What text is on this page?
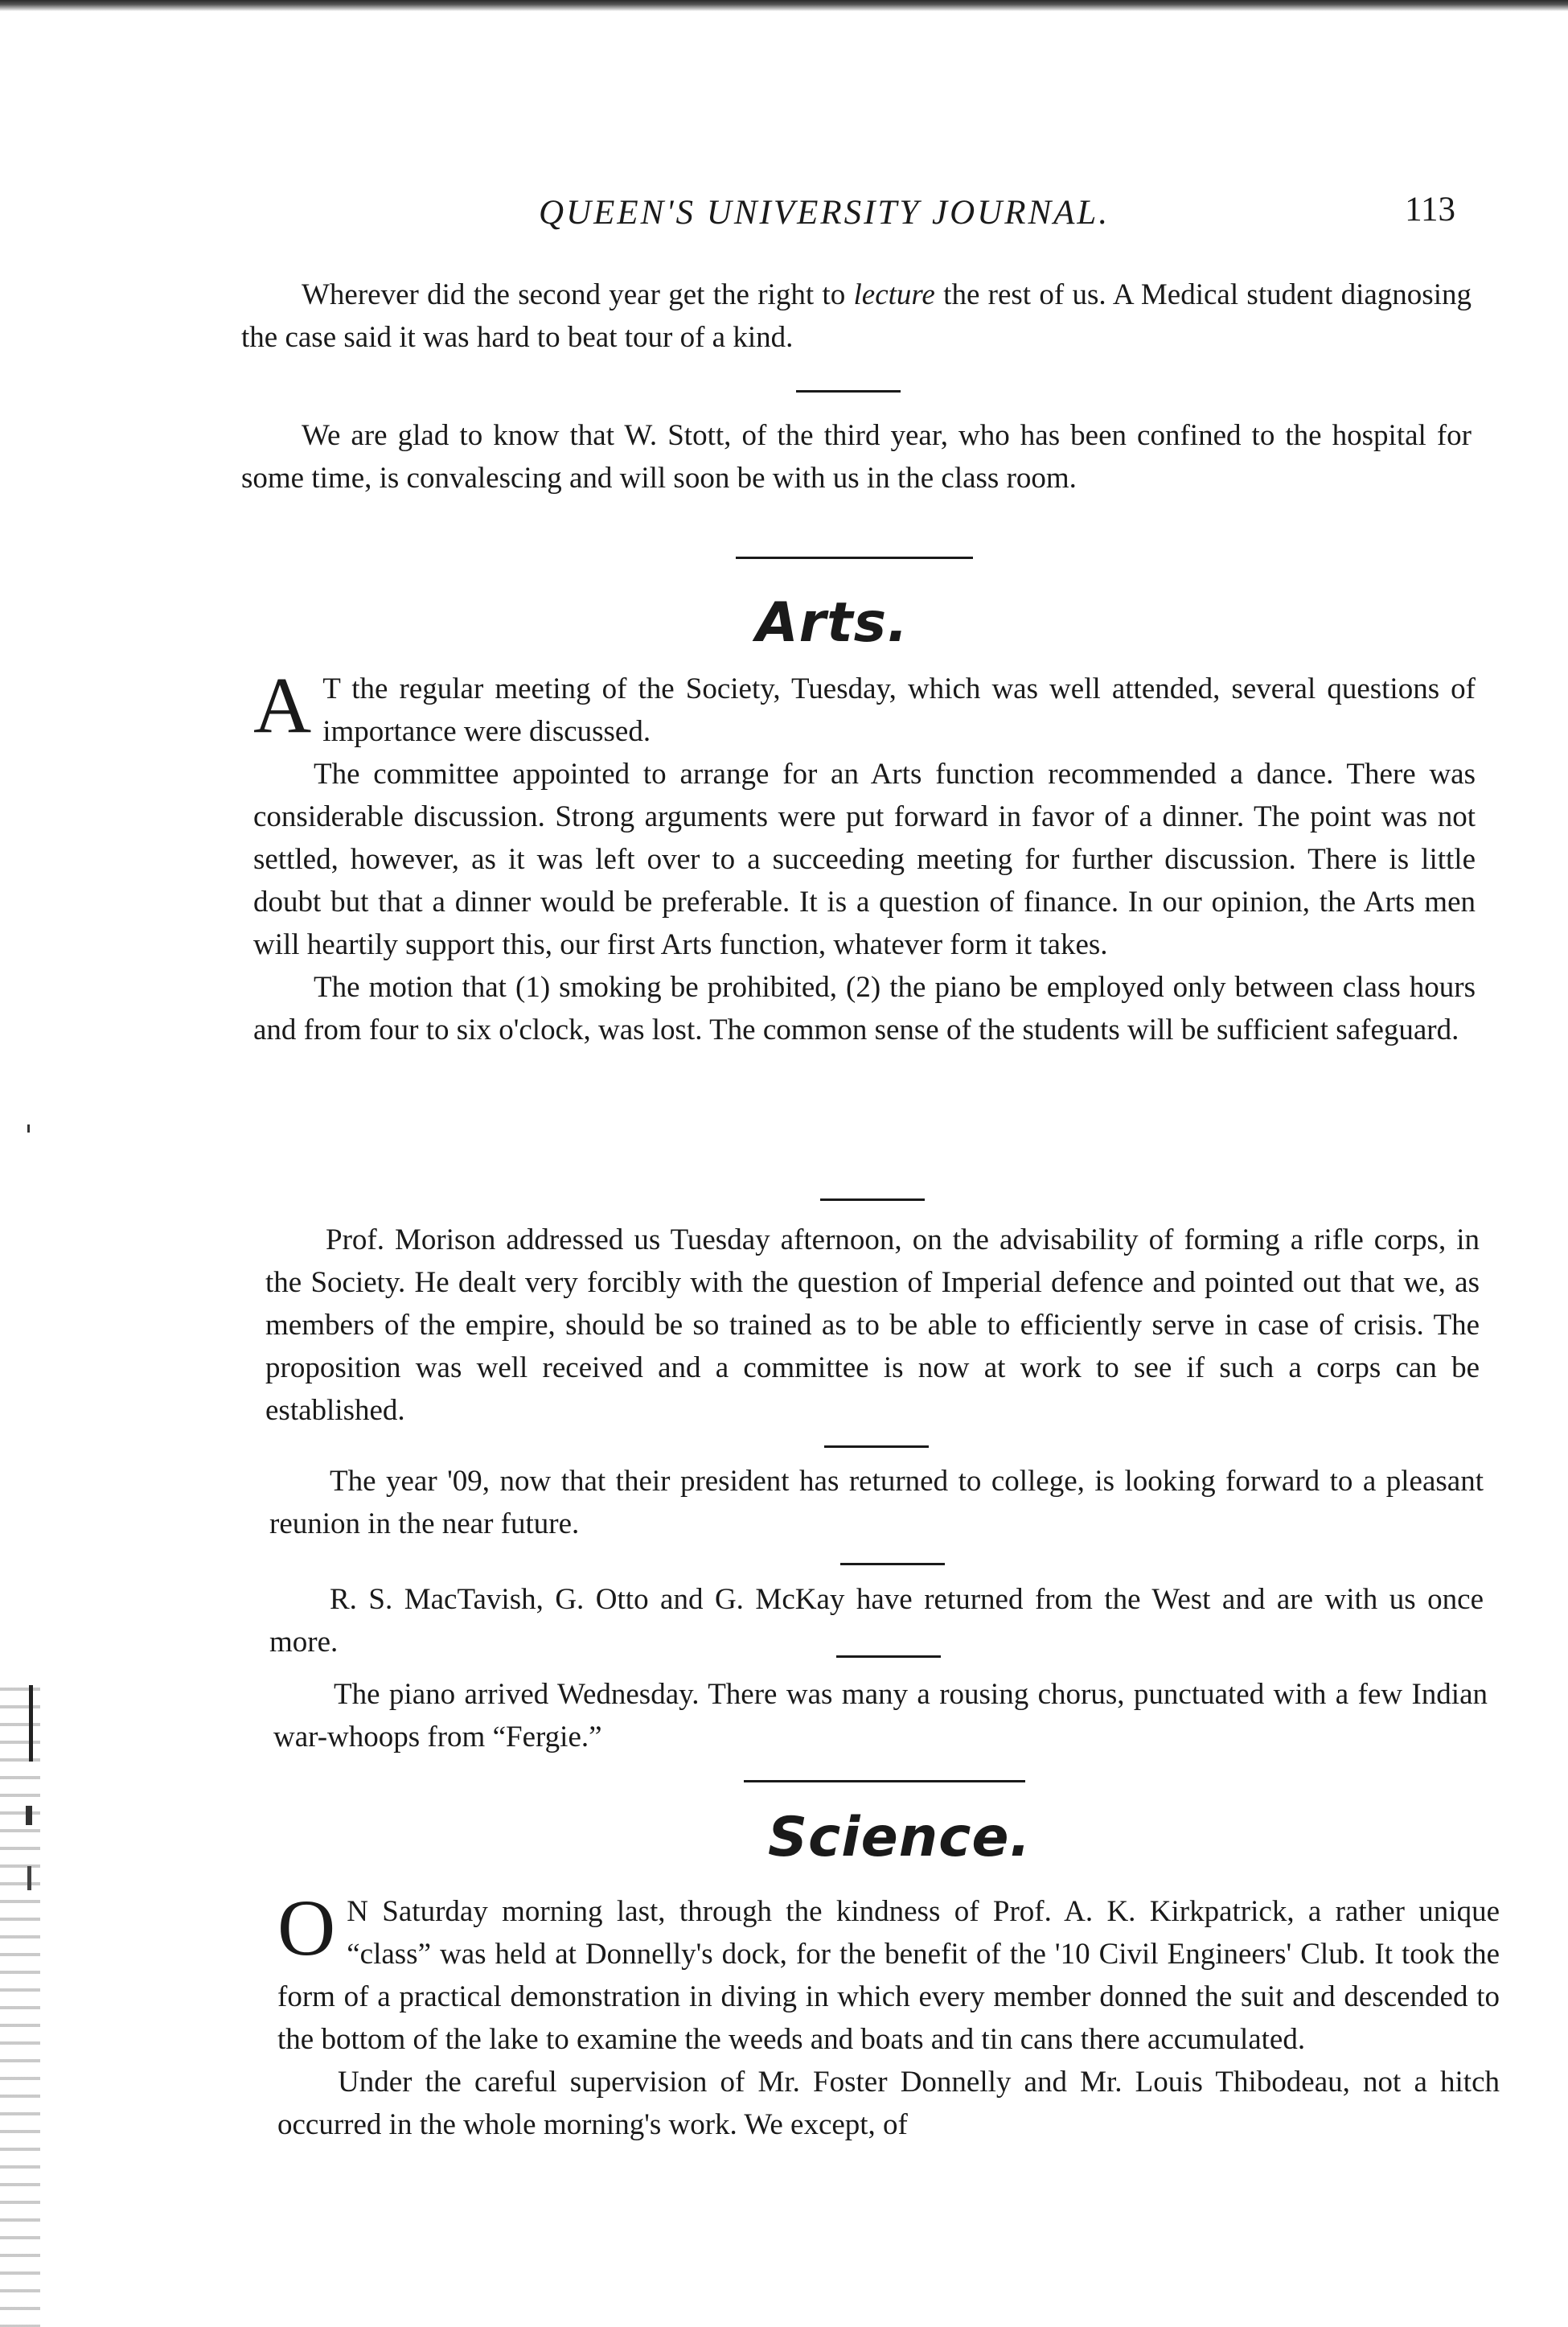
QUEEN'S UNIVERSITY JOURNAL.	113

Wherever did the second year get the right to lecture the rest of us. A Medical student diagnosing the case said it was hard to beat tour of a kind.

We are glad to know that W. Stott, of the third year, who has been confined to the hospital for some time, is convalescing and will soon be with us in the class room.

Arts.

A T the regular meeting of the Society, Tuesday, which was well attended, several questions of importance were discussed.

The committee appointed to arrange for an Arts function recommended a dance. There was considerable discussion. Strong arguments were put forward in favor of a dinner. The point was not settled, however, as it was left over to a succeeding meeting for further discussion. There is little doubt but that a dinner would be preferable. It is a question of finance. In our opinion, the Arts men will heartily support this, our first Arts function, whatever form it takes.

The motion that (1) smoking be prohibited, (2) the piano be employed only between class hours and from four to six o'clock, was lost. The common sense of the students will be sufficient safeguard.

Prof. Morison addressed us Tuesday afternoon, on the advisability of forming a rifle corps, in the Society. He dealt very forcibly with the question of Imperial defence and pointed out that we, as members of the empire, should be so trained as to be able to efficiently serve in case of crisis. The proposition was well received and a committee is now at work to see if such a corps can be established.

The year '09, now that their president has returned to college, is looking forward to a pleasant reunion in the near future.

R. S. MacTavish, G. Otto and G. McKay have returned from the West and are with us once more.

The piano arrived Wednesday. There was many a rousing chorus, punctuated with a few Indian war-whoops from “Fergie.”

Science.

O N Saturday morning last, through the kindness of Prof. A. K. Kirkpatrick, a rather unique “class” was held at Donnelly's dock, for the benefit of the '10 Civil Engineers' Club. It took the form of a practical demonstration in diving in which every member donned the suit and descended to the bottom of the lake to examine the weeds and boats and tin cans there accumulated.

Under the careful supervision of Mr. Foster Donnelly and Mr. Louis Thibodeau, not a hitch occurred in the whole morning's work. We except, of
